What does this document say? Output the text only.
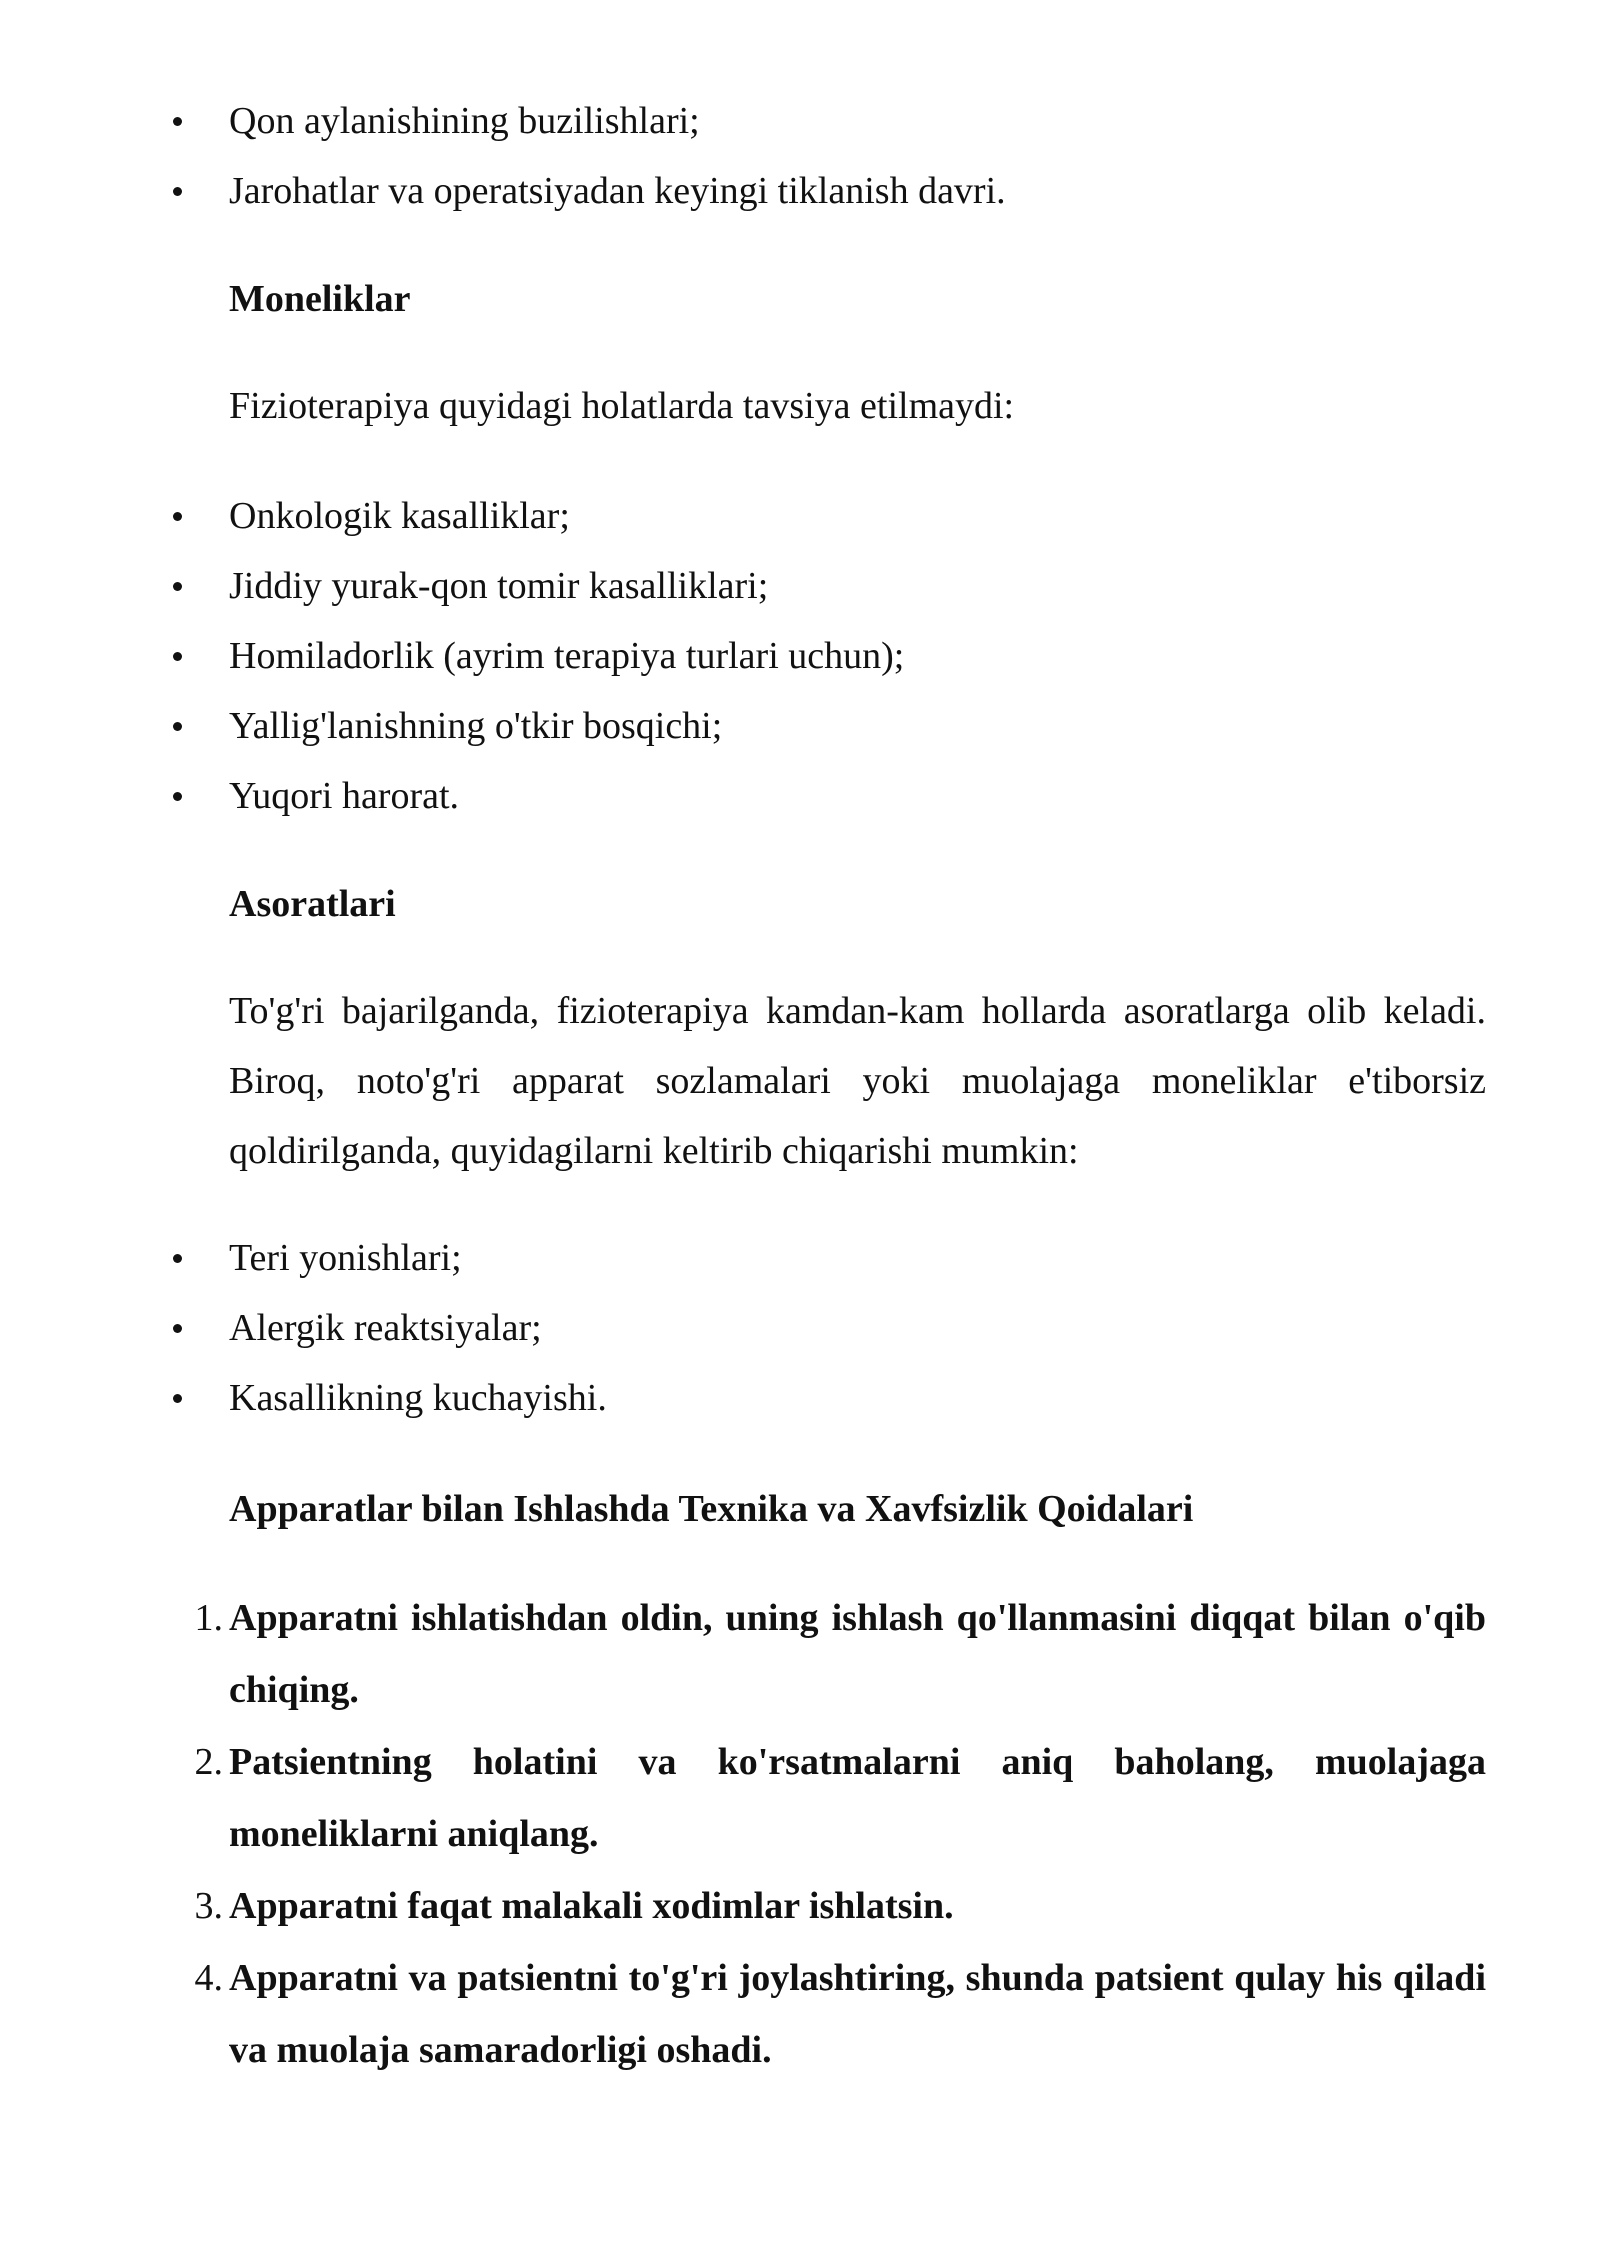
Qon aylanishining buzilishlari;
Jarohatlar va operatsiyadan keyingi tiklanish davri.
Moneliklar
Fizioterapiya quyidagi holatlarda tavsiya etilmaydi:
Onkologik kasalliklar;
Jiddiy yurak-qon tomir kasalliklari;
Homiladorlik (ayrim terapiya turlari uchun);
Yallig'lanishning o'tkir bosqichi;
Yuqori harorat.
Asoratlari
To'g'ri bajarilganda, fizioterapiya kamdan-kam hollarda asoratlarga olib keladi. Biroq, noto'g'ri apparat sozlamalari yoki muolajaga moneliklar e'tiborsiz qoldirilganda, quyidagilarni keltirib chiqarishi mumkin:
Teri yonishlari;
Alergik reaktsiyalar;
Kasallikning kuchayishi.
Apparatlar bilan Ishlashda Texnika va Xavfsizlik Qoidalari
1. Apparatni ishlatishdan oldin, uning ishlash qo'llanmasini diqqat bilan o'qib chiqing.
2. Patsientning holatini va ko'rsatmalarni aniq baholang, muolajaga moneliklarni aniqlang.
3. Apparatni faqat malakali xodimlar ishlatsin.
4. Apparatni va patsientni to'g'ri joylashtiring, shunda patsient qulay his qiladi va muolaja samaradorligi oshadi.
